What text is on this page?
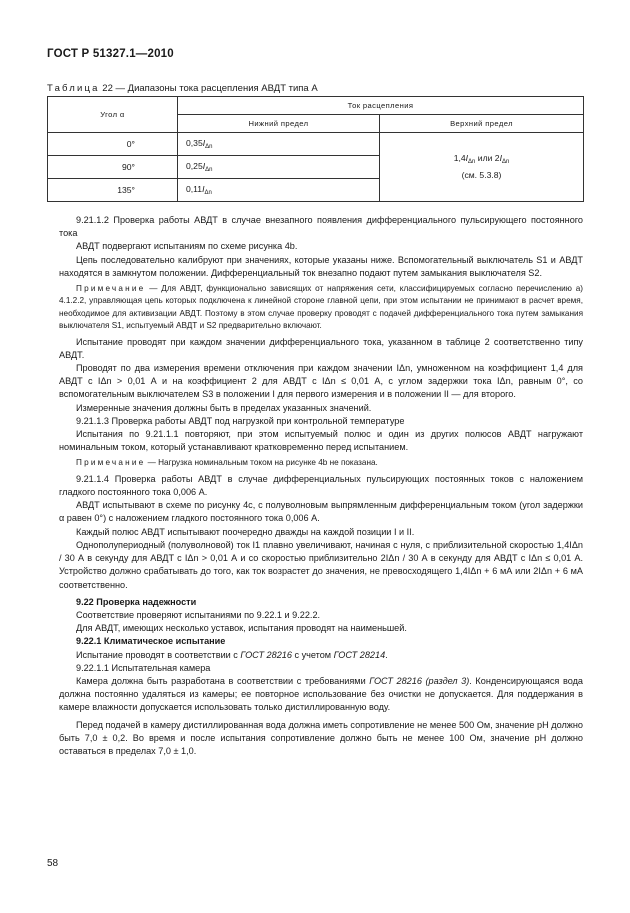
ГОСТ Р 51327.1—2010
Таблица 22 — Диапазоны тока расцепления АВДТ типа А
Угол α	Ток расцепления	
	Нижний предел	Верхний предел
0°	$0,35I_{\Delta n}$	$1,4I_{\Delta n}$ или $2I_{\Delta n}$
(см. 5.3.8)

90°	$0,25I_{\Delta n}$
135°	$0,11I_{\Delta n}$

9.21.1.2 Проверка работы АВДТ в случае внезапного появления дифференциального пульсирующего постоянного тока

АВДТ подвергают испытаниям по схеме рисунка 4b.

Цепь последовательно калибруют при значениях, которые указаны ниже. Вспомогательный выключатель S1 и АВДТ находятся в замкнутом положении. Дифференциальный ток внезапно подают путем замыкания выключателя S2.

Примечание — Для АВДТ, функционально зависящих от напряжения сети, классифицируемых согласно перечислению а) 4.1.2.2, управляющая цепь которых подключена к линейной стороне главной цепи, при этом испытании не принимают в расчет время, необходимое для активизации АВДТ. Поэтому в этом случае проверку проводят с подачей дифференциального тока путем замыкания выключателя S1, испытуемый АВДТ и S2 предварительно включают.

Испытание проводят при каждом значении дифференциального тока, указанном в таблице 2 соответственно типу АВДТ.

Проводят по два измерения времени отключения при каждом значении IΔn, умноженном на коэффициент 1,4 для АВДТ с IΔn > 0,01 А и на коэффициент 2 для АВДТ с IΔn ≤ 0,01 А, с углом задержки тока IΔn, равным 0°, со вспомогательным выключателем S3 в положении I для первого измерения и в положении II — для второго.

Измеренные значения должны быть в пределах указанных значений.

9.21.1.3 Проверка работы АВДТ под нагрузкой при контрольной температуре

Испытания по 9.21.1.1 повторяют, при этом испытуемый полюс и один из других полюсов АВДТ нагружают номинальным током, который устанавливают кратковременно перед испытанием.

Примечание — Нагрузка номинальным током на рисунке 4b не показана.

9.21.1.4 Проверка работы АВДТ в случае дифференциальных пульсирующих постоянных токов с наложением гладкого постоянного тока 0,006 А.

АВДТ испытывают в схеме по рисунку 4с, с полуволновым выпрямленным дифференциальным током (угол задержки α равен 0°) с наложением гладкого постоянного тока 0,006 А.

Каждый полюс АВДТ испытывают поочередно дважды на каждой позиции I и II.

Однополупериодный (полуволновой) ток I1 плавно увеличивают, начиная с нуля, с приблизительной скоростью 1,4IΔn / 30 А в секунду для АВДТ с IΔn > 0,01 А и со скоростью приблизительно 2IΔn / 30 А в секунду для АВДТ с IΔn ≤ 0,01 А. Устройство должно срабатывать до того, как ток возрастет до значения, не превосходящего 1,4IΔn + 6 мА или 2IΔn + 6 мА соответственно.

9.22 Проверка надежности

Соответствие проверяют испытаниями по 9.22.1 и 9.22.2.

Для АВДТ, имеющих несколько уставок, испытания проводят на наименьшей.

9.22.1 Климатическое испытание

Испытание проводят в соответствии с ГОСТ 28216 с учетом ГОСТ 28214.

9.22.1.1 Испытательная камера

Камера должна быть разработана в соответствии с требованиями ГОСТ 28216 (раздел 3). Конденсирующаяся вода должна постоянно удаляться из камеры; ее повторное использование без очистки не допускается. Для поддержания в камере влажности допускается использовать только дистиллированную воду.

Перед подачей в камеру дистиллированная вода должна иметь сопротивление не менее 500 Ом, значение pH должно быть 7,0 ± 0,2. Во время и после испытания сопротивление должно быть не менее 100 Ом, значение pH должно оставаться в пределах 7,0 ± 1,0.

58
